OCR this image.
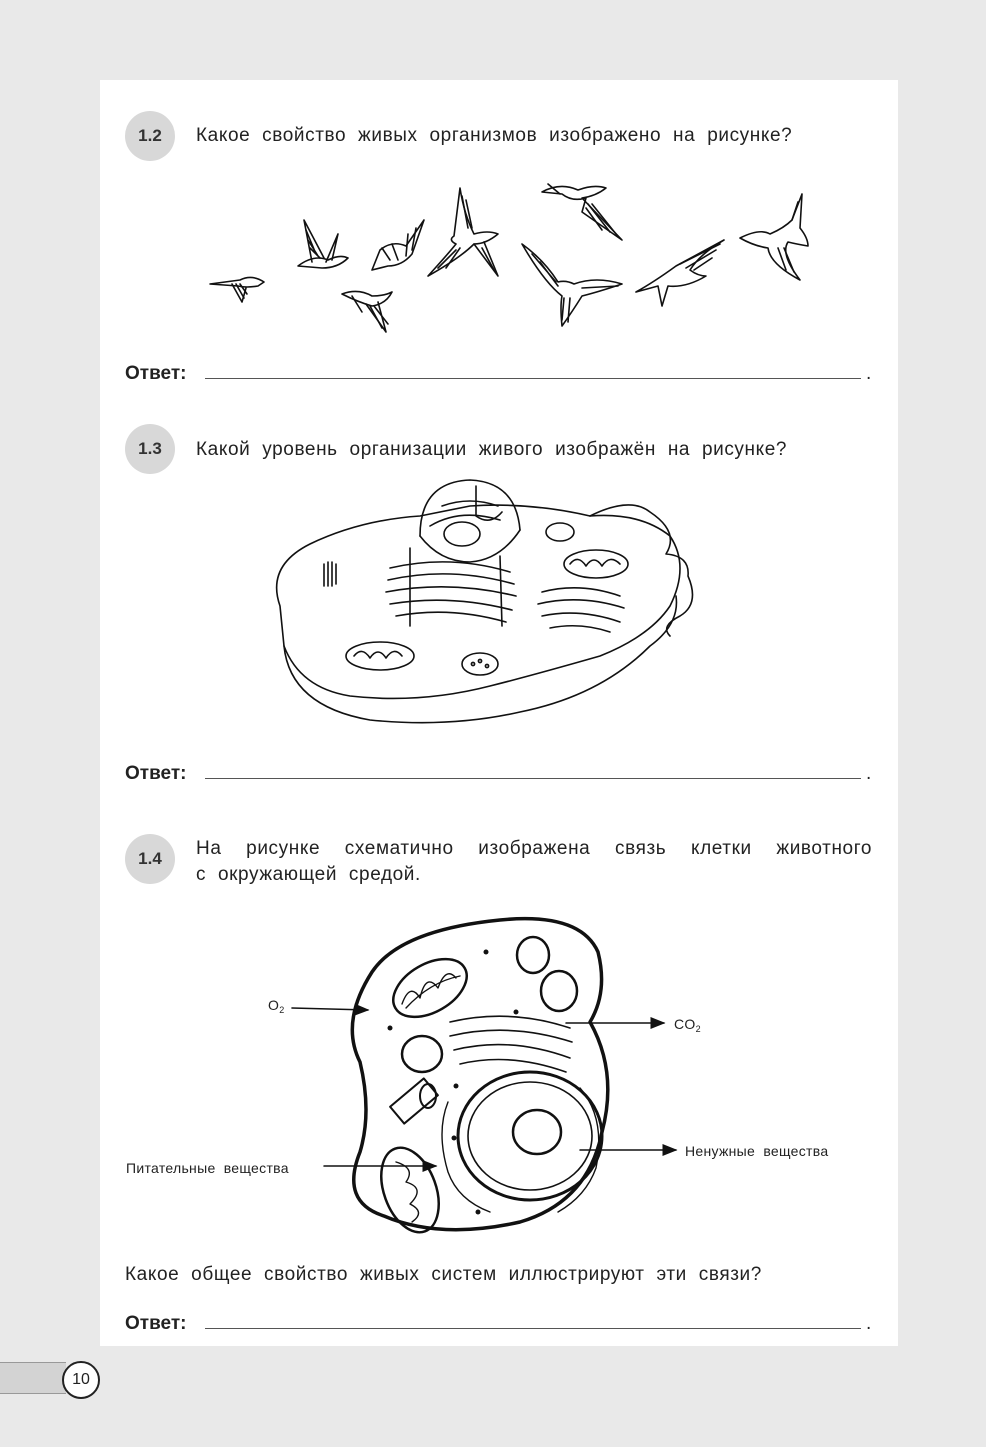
1.2	Какое свойство живых организмов изображено на рисунке?
Ответ:	.
1.3	Какой уровень организации живого изображён на рисунке?
Ответ:	.
1.4	На рисунке схематично изображена связь клетки животного
с окружающей средой.
$O_2$
$CO_2$
Питательные вещества
Ненужные вещества
Какое общее свойство живых систем иллюстрируют эти связи?
Ответ:	.
10
